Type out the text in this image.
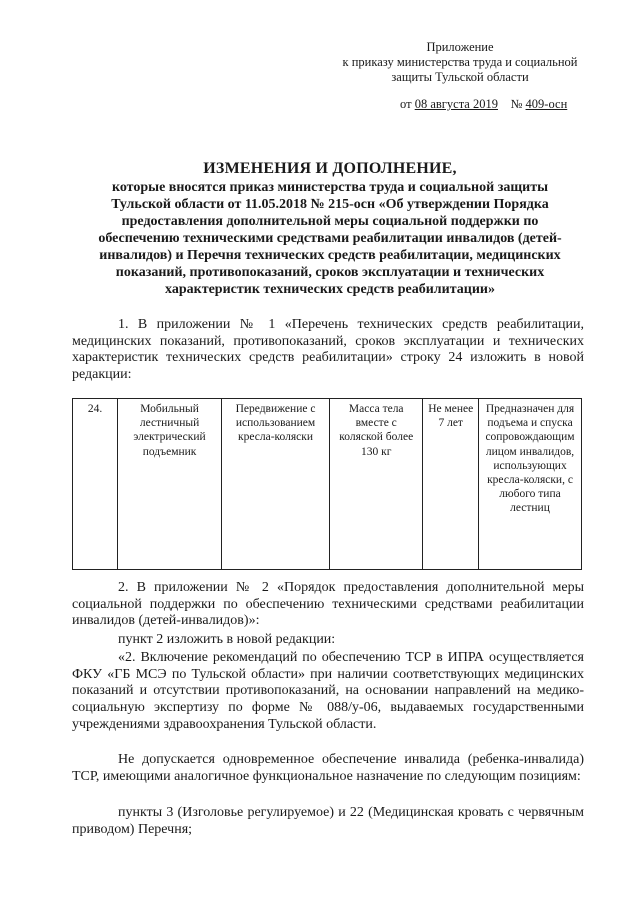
Приложение
к приказу министерства труда и социальной
защиты Тульской области
от 08 августа 2019 № 409-осн
ИЗМЕНЕНИЯ И ДОПОЛНЕНИЕ,
которые вносятся приказ министерства труда и социальной защиты
Тульской области от 11.05.2018 № 215-осн «Об утверждении Порядка
предоставления дополнительной меры социальной поддержки по
обеспечению техническими средствами реабилитации инвалидов (детей-
инвалидов) и Перечня технических средств реабилитации, медицинских
показаний, противопоказаний, сроков эксплуатации и технических
характеристик технических средств реабилитации»
1. В приложении № 1 «Перечень технических средств реабилитации, медицинских показаний, противопоказаний, сроков эксплуатации и технических характеристик технических средств реабилитации» строку 24 изложить в новой редакции:
24.	Мобильный лестничный электрический подъемник	Передвижение с использованием кресла-коляски	Масса тела вместе с коляской более 130 кг	Не менее 7 лет	Предназначен для подъема и спуска сопровождающим лицом инвалидов, использующих кресла-коляски, с любого типа лестниц
2. В приложении № 2 «Порядок предоставления дополнительной меры социальной поддержки по обеспечению техническими средствами реабилитации инвалидов (детей-инвалидов)»:
пункт 2 изложить в новой редакции:
«2. Включение рекомендаций по обеспечению ТСР в ИПРА осуществляется ФКУ «ГБ МСЭ по Тульской области» при наличии соответствующих медицинских показаний и отсутствии противопоказаний, на основании направлений на медико-социальную экспертизу по форме № 088/у-06, выдаваемых государственными учреждениями здравоохранения Тульской области.
Не допускается одновременное обеспечение инвалида (ребенка-инвалида) ТСР, имеющими аналогичное функциональное назначение по следующим позициям:
пункты 3 (Изголовье регулируемое) и 22 (Медицинская кровать с червячным приводом) Перечня;
